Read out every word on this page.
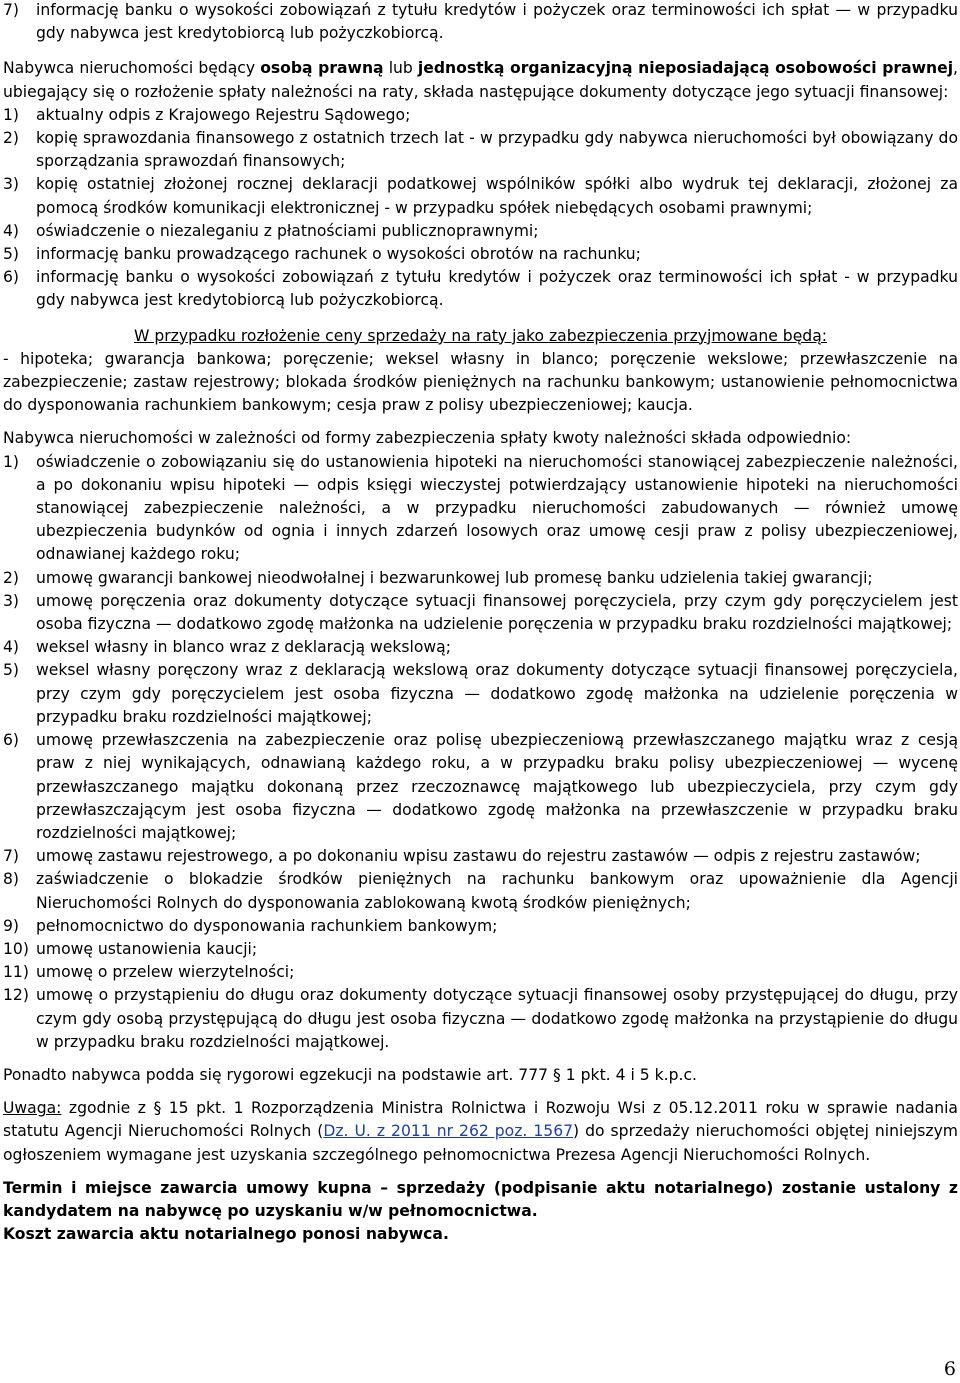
7)	informację banku o wysokości zobowiązań z tytułu kredytów i pożyczek oraz terminowości ich spłat — w przypadku gdy nabywca jest kredytobiorcą lub pożyczkobiorcą.

Nabywca nieruchomości będący osobą prawną lub jednostką organizacyjną nieposiadającą osobowości prawnej, ubiegający się o rozłożenie spłaty należności na raty, składa następujące dokumenty dotyczące jego sytuacji finansowej:

1)	aktualny odpis z Krajowego Rejestru Sądowego;
2)	kopię sprawozdania finansowego z ostatnich trzech lat - w przypadku gdy nabywca nieruchomości był obowiązany do sporządzania sprawozdań finansowych;
3)	kopię ostatniej złożonej rocznej deklaracji podatkowej wspólników spółki albo wydruk tej deklaracji, złożonej za pomocą środków komunikacji elektronicznej - w przypadku spółek niebędących osobami prawnymi;
4)	oświadczenie o niezaleganiu z płatnościami publicznoprawnymi;
5)	informację banku prowadzącego rachunek o wysokości obrotów na rachunku;
6)	informację banku o wysokości zobowiązań z tytułu kredytów i pożyczek oraz terminowości ich spłat - w przypadku gdy nabywca jest kredytobiorcą lub pożyczkobiorcą.

W przypadku rozłożenie ceny sprzedaży na raty jako zabezpieczenia przyjmowane będą:

- hipoteka; gwarancja bankowa; poręczenie; weksel własny in blanco; poręczenie wekslowe; przewłaszczenie na zabezpieczenie; zastaw rejestrowy; blokada środków pieniężnych na rachunku bankowym; ustanowienie pełnomocnictwa do dysponowania rachunkiem bankowym; cesja praw z polisy ubezpieczeniowej; kaucja.

Nabywca nieruchomości w zależności od formy zabezpieczenia spłaty kwoty należności składa odpowiednio:

1)	oświadczenie o zobowiązaniu się do ustanowienia hipoteki na nieruchomości stanowiącej zabezpieczenie należności, a po dokonaniu wpisu hipoteki — odpis księgi wieczystej potwierdzający ustanowienie hipoteki na nieruchomości stanowiącej zabezpieczenie należności, a w przypadku nieruchomości zabudowanych — również umowę ubezpieczenia budynków od ognia i innych zdarzeń losowych oraz umowę cesji praw z polisy ubezpieczeniowej, odnawianej każdego roku;
2)	umowę gwarancji bankowej nieodwołalnej i bezwarunkowej lub promesę banku udzielenia takiej gwarancji;
3)	umowę poręczenia oraz dokumenty dotyczące sytuacji finansowej poręczyciela, przy czym gdy poręczycielem jest osoba fizyczna — dodatkowo zgodę małżonka na udzielenie poręczenia w przypadku braku rozdzielności majątkowej;
4)	weksel własny in blanco wraz z deklaracją wekslową;
5)	weksel własny poręczony wraz z deklaracją wekslową oraz dokumenty dotyczące sytuacji finansowej poręczyciela, przy czym gdy poręczycielem jest osoba fizyczna — dodatkowo zgodę małżonka na udzielenie poręczenia w przypadku braku rozdzielności majątkowej;
6)	umowę przewłaszczenia na zabezpieczenie oraz polisę ubezpieczeniową przewłaszczanego majątku wraz z cesją praw z niej wynikających, odnawianą każdego roku, a w przypadku braku polisy ubezpieczeniowej — wycenę przewłaszczanego majątku dokonaną przez rzeczoznawcę majątkowego lub ubezpieczyciela, przy czym gdy przewłaszczającym jest osoba fizyczna — dodatkowo zgodę małżonka na przewłaszczenie w przypadku braku rozdzielności majątkowej;
7)	umowę zastawu rejestrowego, a po dokonaniu wpisu zastawu do rejestru zastawów — odpis z rejestru zastawów;
8)	zaświadczenie o blokadzie środków pieniężnych na rachunku bankowym oraz upoważnienie dla Agencji Nieruchomości Rolnych do dysponowania zablokowaną kwotą środków pieniężnych;
9)	pełnomocnictwo do dysponowania rachunkiem bankowym;
10) umowę ustanowienia kaucji;
11) umowę o przelew wierzytelności;
12) umowę o przystąpieniu do długu oraz dokumenty dotyczące sytuacji finansowej osoby przystępującej do długu, przy czym gdy osobą przystępującą do długu jest osoba fizyczna — dodatkowo zgodę małżonka na przystąpienie do długu w przypadku braku rozdzielności majątkowej.

Ponadto nabywca podda się rygorowi egzekucji na podstawie art. 777 § 1 pkt. 4 i 5 k.p.c.

Uwaga: zgodnie z § 15 pkt. 1 Rozporządzenia Ministra Rolnictwa i Rozwoju Wsi z 05.12.2011 roku w sprawie nadania statutu Agencji Nieruchomości Rolnych (Dz. U. z 2011 nr 262 poz. 1567) do sprzedaży nieruchomości objętej niniejszym ogłoszeniem wymagane jest uzyskania szczególnego pełnomocnictwa Prezesa Agencji Nieruchomości Rolnych.

Termin i miejsce zawarcia umowy kupna – sprzedaży (podpisanie aktu notarialnego) zostanie ustalony z kandydatem na nabywcę po uzyskaniu w/w pełnomocnictwa.

Koszt zawarcia aktu notarialnego ponosi nabywca.

6
